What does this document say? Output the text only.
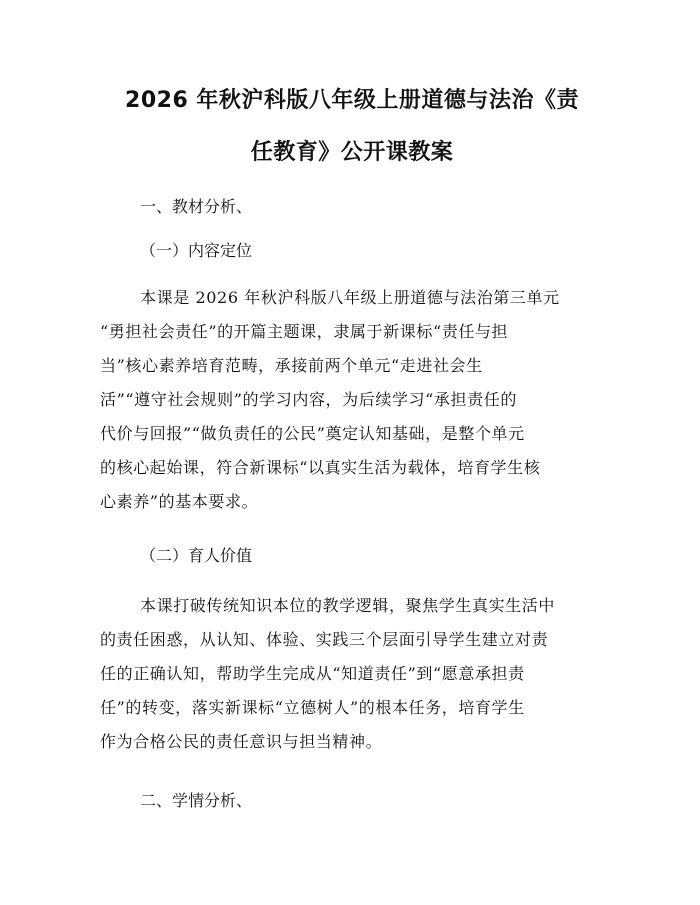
2026 年秋沪科版八年级上册道德与法治《责
任教育》公开课教案
一、教材分析、
（一）内容定位
本课是 2026 年秋沪科版八年级上册道德与法治第三单元
“勇担社会责任”的开篇主题课，隶属于新课标“责任与担
当”核心素养培育范畴，承接前两个单元“走进社会生
活”“遵守社会规则”的学习内容，为后续学习“承担责任的
代价与回报”“做负责任的公民”奠定认知基础，是整个单元
的核心起始课，符合新课标“以真实生活为载体，培育学生核
心素养”的基本要求。
（二）育人价值
本课打破传统知识本位的教学逻辑，聚焦学生真实生活中
的责任困惑，从认知、体验、实践三个层面引导学生建立对责
任的正确认知，帮助学生完成从“知道责任”到“愿意承担责
任”的转变，落实新课标“立德树人”的根本任务，培育学生
作为合格公民的责任意识与担当精神。
二、学情分析、
